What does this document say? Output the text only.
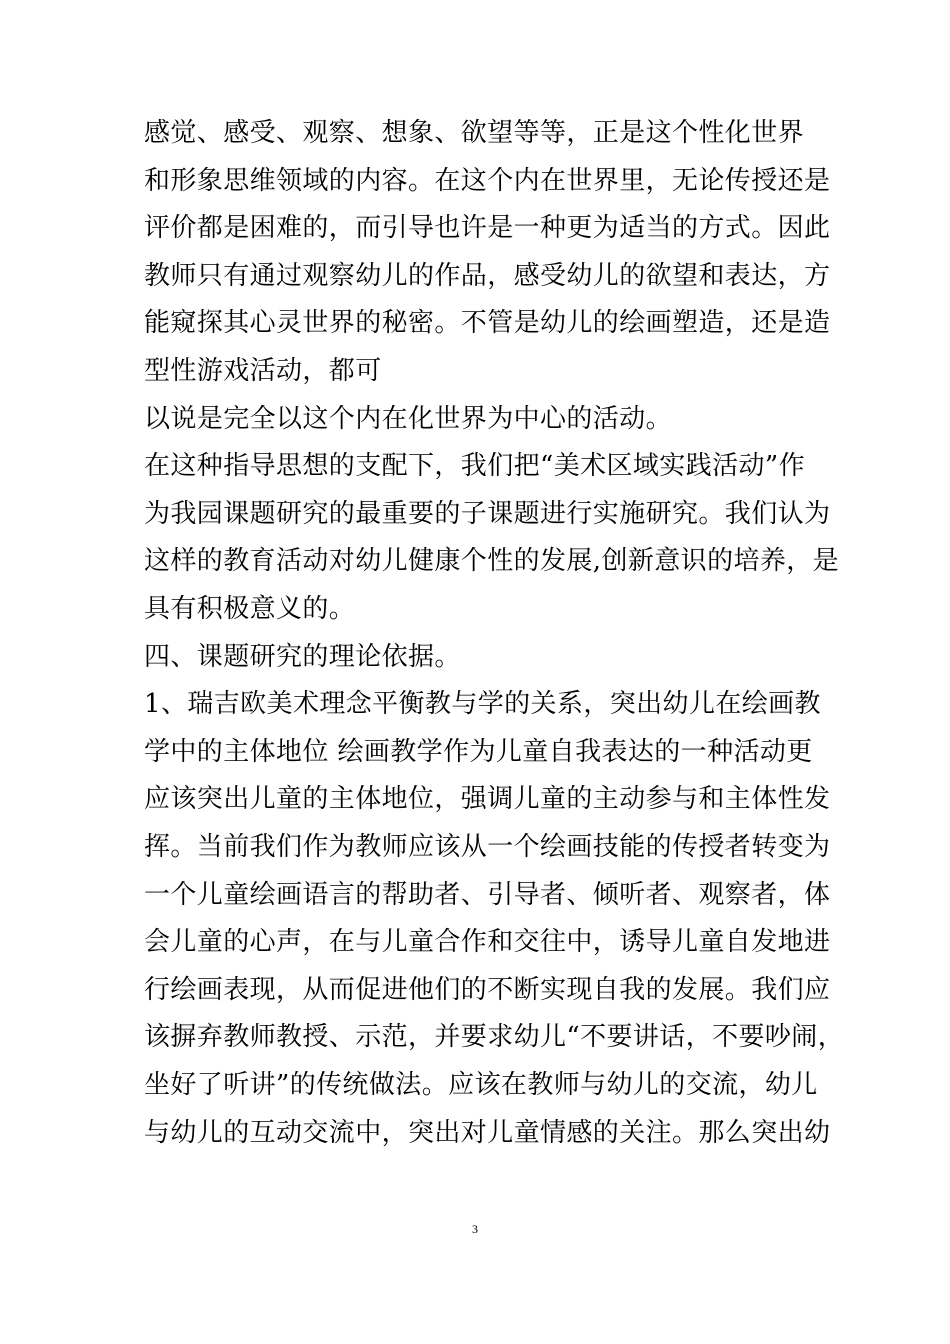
感觉、感受、观察、想象、欲望等等，正是这个性化世界
和形象思维领域的内容。在这个内在世界里，无论传授还是
评价都是困难的，而引导也许是一种更为适当的方式。因此
教师只有通过观察幼儿的作品，感受幼儿的欲望和表达，方
能窥探其心灵世界的秘密。不管是幼儿的绘画塑造，还是造
型性游戏活动，都可
以说是完全以这个内在化世界为中心的活动。
在这种指导思想的支配下，我们把“美术区域实践活动”作
为我园课题研究的最重要的子课题进行实施研究。我们认为
这样的教育活动对幼儿健康个性的发展,创新意识的培养，是
具有积极意义的。
四、课题研究的理论依据。
1、瑞吉欧美术理念平衡教与学的关系，突出幼儿在绘画教
学中的主体地位 绘画教学作为儿童自我表达的一种活动更
应该突出儿童的主体地位，强调儿童的主动参与和主体性发
挥。当前我们作为教师应该从一个绘画技能的传授者转变为
一个儿童绘画语言的帮助者、引导者、倾听者、观察者，体
会儿童的心声，在与儿童合作和交往中，诱导儿童自发地进
行绘画表现，从而促进他们的不断实现自我的发展。我们应
该摒弃教师教授、示范，并要求幼儿“不要讲话，不要吵闹，
坐好了听讲”的传统做法。应该在教师与幼儿的交流，幼儿
与幼儿的互动交流中，突出对儿童情感的关注。那么突出幼
3
